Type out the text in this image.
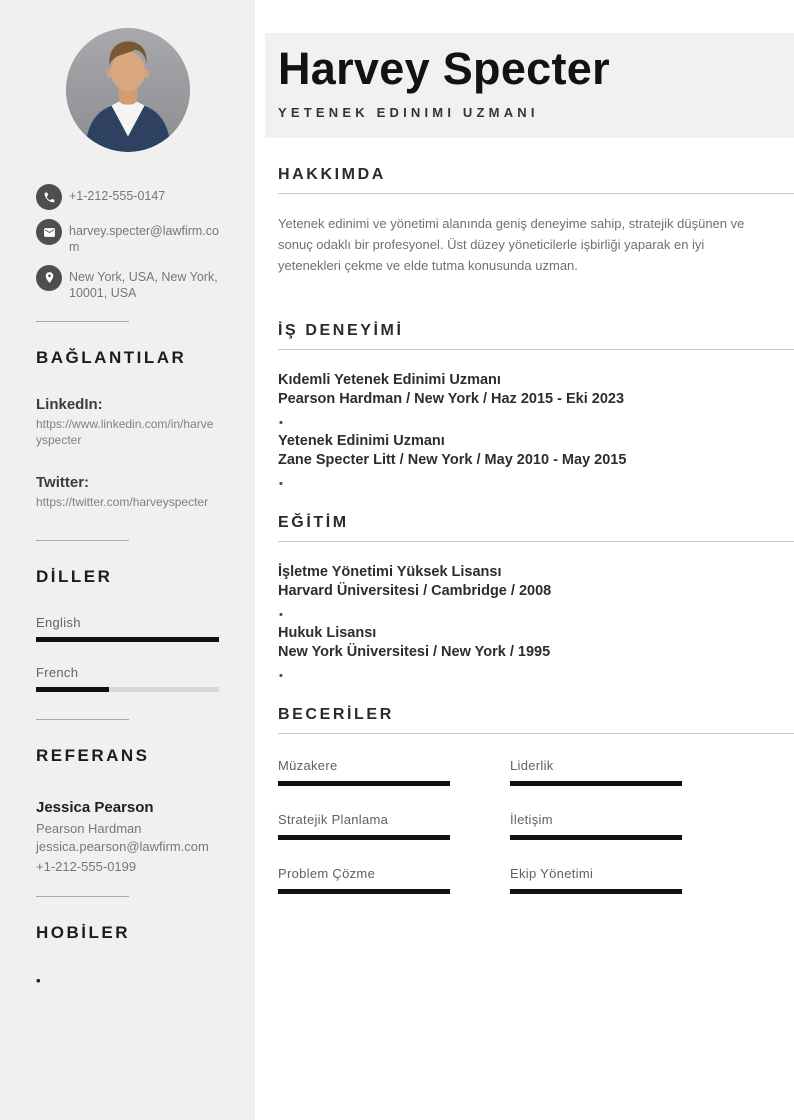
+1-212-555-0147
harvey.specter@lawfirm.com
New York, USA, New York, 10001, USA
BAĞLANTILAR
LinkedIn:
https://www.linkedin.com/in/harveyspecter
Twitter:
https://twitter.com/harveyspecter
DİLLER
English
French
REFERANS
Jessica Pearson
Pearson Hardman
jessica.pearson@lawfirm.com
+1-212-555-0199
HOBİLER
Harvey Specter
YETENEK EDINIMI UZMANI
HAKKIMDA

Yetenek edinimi ve yönetimi alanında geniş deneyime sahip, stratejik düşünen ve sonuç odaklı bir profesyonel. Üst düzey yöneticilerle işbirliği yaparak en iyi yetenekleri çekme ve elde tutma konusunda uzman.

İŞ DENEYİMİ
Kıdemli Yetenek Edinimi Uzmanı
Pearson Hardman / New York / Haz 2015 - Eki 2023
Yetenek Edinimi Uzmanı
Zane Specter Litt / New York / May 2010 - May 2015
EĞİTİM
İşletme Yönetimi Yüksek Lisansı
Harvard Üniversitesi / Cambridge / 2008
Hukuk Lisansı
New York Üniversitesi / New York / 1995
BECERİLER
Müzakere	Liderlik
Stratejik Planlama	İletişim
Problem Çözme	Ekip Yönetimi
